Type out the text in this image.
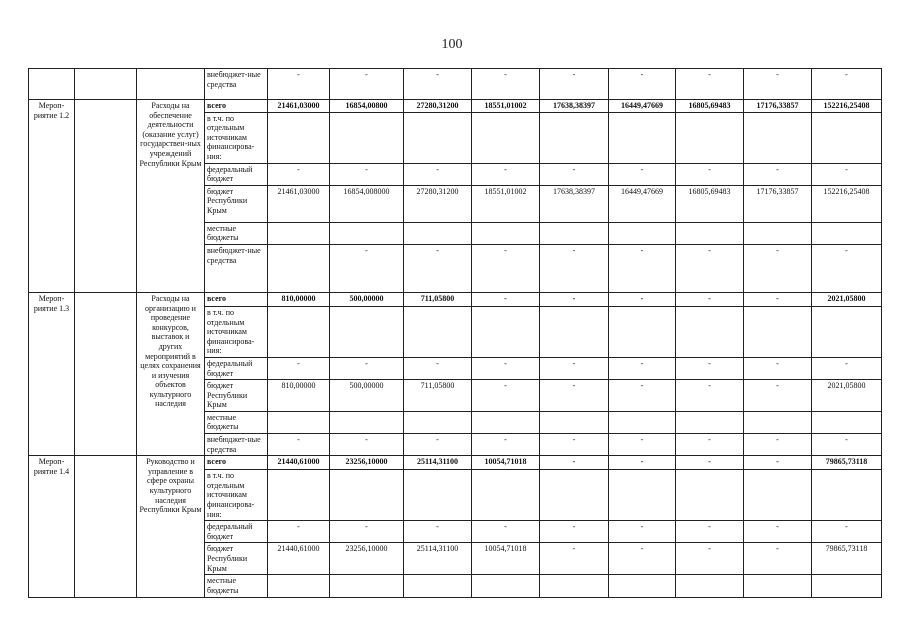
100
			внебюджет-ные средства	-	-	-	-	-	-	-	-	-
Мероп-риятие 1.2		Расходы на обеспечение деятельности (оказание услуг) государствен-ных учреждений Республики Крым	всего	21461,03000	16854,00800	27280,31200	18551,01002	17638,38397	16449,47669	16805,69483	17176,33857	152216,25408
			в т.ч. по отдельным источникам финансирова-ния:									
			федеральный бюджет	-	-	-	-	-	-	-	-	-
			бюджет Республики Крым	21461,03000	16854,008000	27280,31200	18551,01002	17638,38397	16449,47669	16805,69483	17176,33857	152216,25408
			местные бюджеты									
			внебюджет-ные средства		-	-	-	-	-	-	-	-
Мероп-риятие 1.3		Расходы на организацию и проведение конкурсов, выставок и других мероприятий в целях сохранения и изучения объектов культурного наследия	всего	810,00000	500,00000	711,05800	-	-	-	-	-	2021,05800
			в т.ч. по отдельным источникам финансирова-ния:									
			федеральный бюджет	-	-	-	-	-	-	-	-	-
			бюджет Республики Крым	810,00000	500,00000	711,05800	-	-	-	-	-	2021,05800
			местные бюджеты									
			внебюджет-ные средства	-	-	-	-	-	-	-	-	-
Мероп-риятие 1.4		Руководство и управление в сфере охраны культурного наследия Республики Крым	всего	21440,61000	23256,10000	25114,31100	10054,71018	-	-	-	-	79865,73118
			в т.ч. по отдельным источникам финансирова-ния:									
			федеральный бюджет	-	-	-	-	-	-	-	-	-
			бюджет Республики Крым	21440,61000	23256,10000	25114,31100	10054,71018	-	-	-	-	79865,73118
			местные бюджеты									
